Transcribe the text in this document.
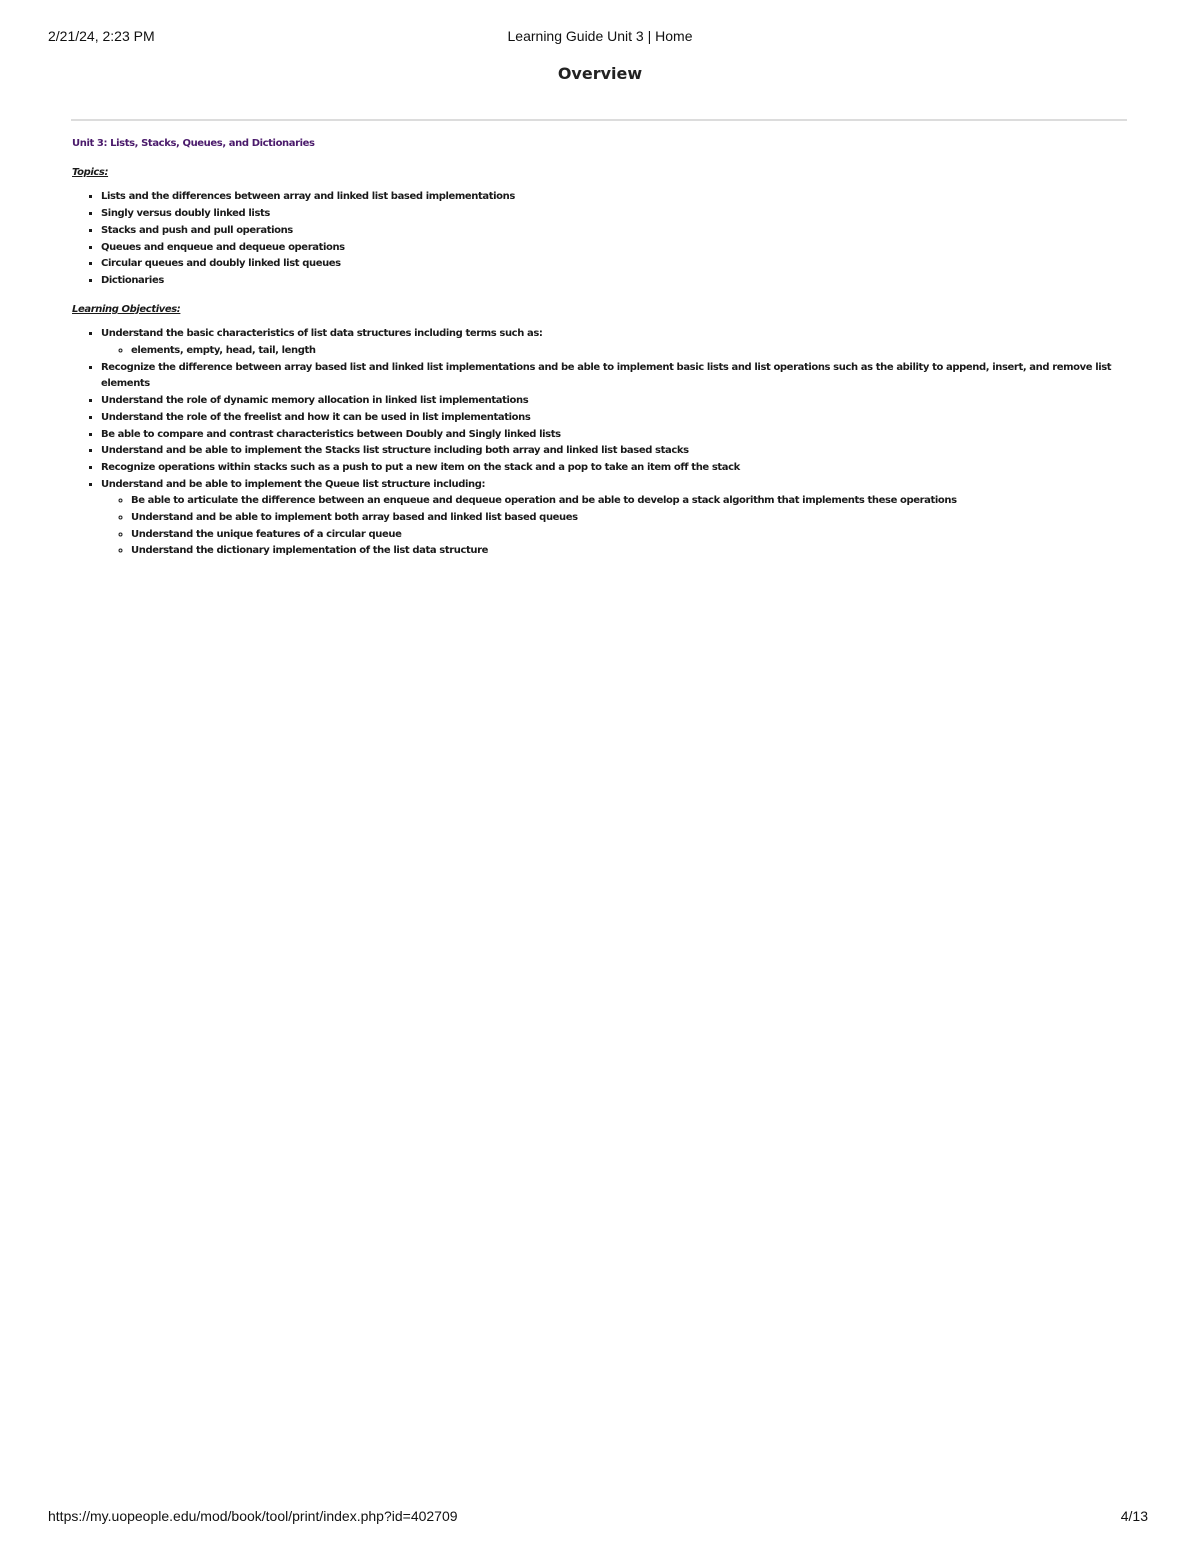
2/21/24, 2:23 PM	Learning Guide Unit 3 | Home
Overview
Unit 3: Lists, Stacks, Queues, and Dictionaries
Topics:
▪ Lists and the differences between array and linked list based implementations
▪ Singly versus doubly linked lists
▪ Stacks and push and pull operations
▪ Queues and enqueue and dequeue operations
▪ Circular queues and doubly linked list queues
▪ Dictionaries
Learning Objectives:
▪ Understand the basic characteristics of list data structures including terms such as:
◦ elements, empty, head, tail, length
▪ Recognize the difference between array based list and linked list implementations and be able to implement basic lists and list operations such as the ability to append, insert, and remove list elements
▪ Understand the role of dynamic memory allocation in linked list implementations
▪ Understand the role of the freelist and how it can be used in list implementations
▪ Be able to compare and contrast characteristics between Doubly and Singly linked lists
▪ Understand and be able to implement the Stacks list structure including both array and linked list based stacks
▪ Recognize operations within stacks such as a push to put a new item on the stack and a pop to take an item off the stack
▪ Understand and be able to implement the Queue list structure including:
◦ Be able to articulate the difference between an enqueue and dequeue operation and be able to develop a stack algorithm that implements these operations
◦ Understand and be able to implement both array based and linked list based queues
◦ Understand the unique features of a circular queue
◦ Understand the dictionary implementation of the list data structure
https://my.uopeople.edu/mod/book/tool/print/index.php?id=402709	4/13
